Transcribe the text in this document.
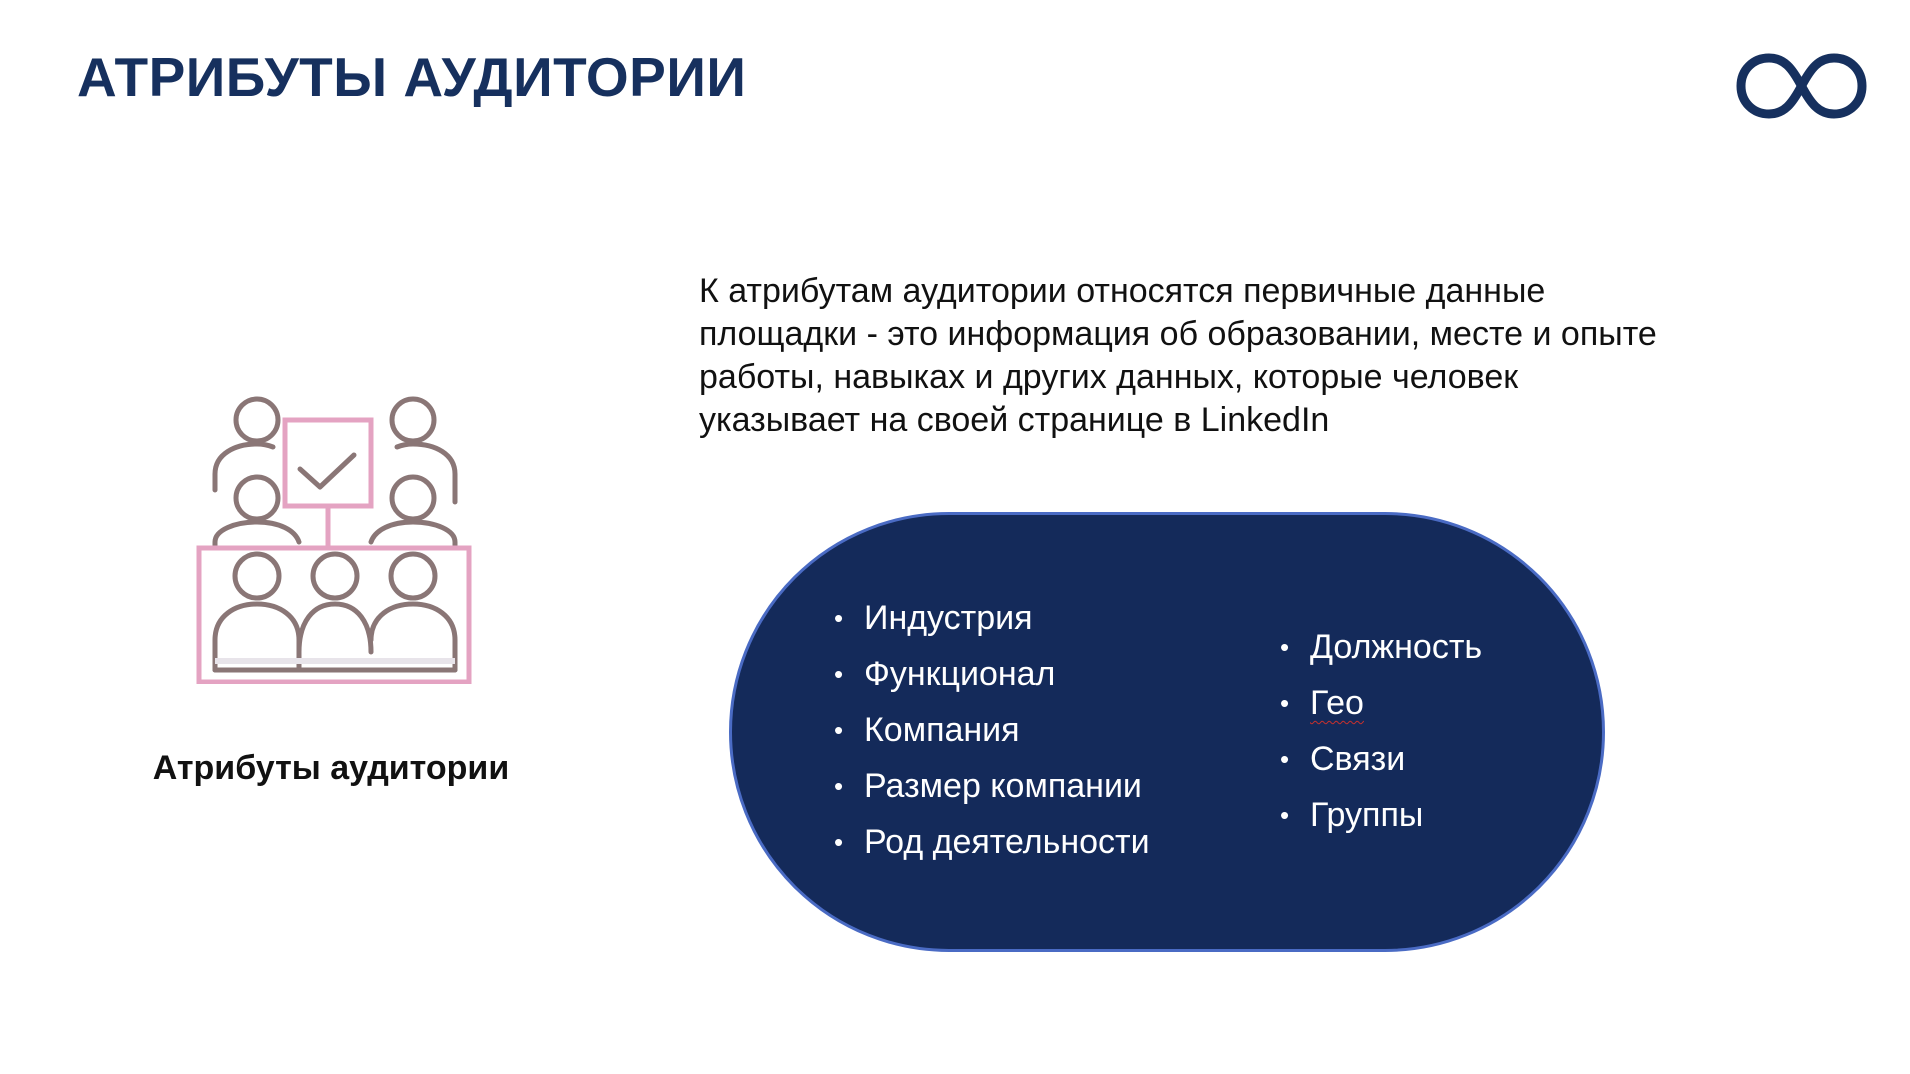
АТРИБУТЫ АУДИТОРИИ
Атрибуты аудитории

К атрибутам аудитории относятся первичные данные
площадки - это информация об образовании, месте и опыте
работы, навыках и других данных, которые человек
указывает на своей странице в LinkedIn

• Индустрия
• Функционал
• Компания
• Размер компании
• Род деятельности
• Должность
• Гео
• Связи
• Группы
